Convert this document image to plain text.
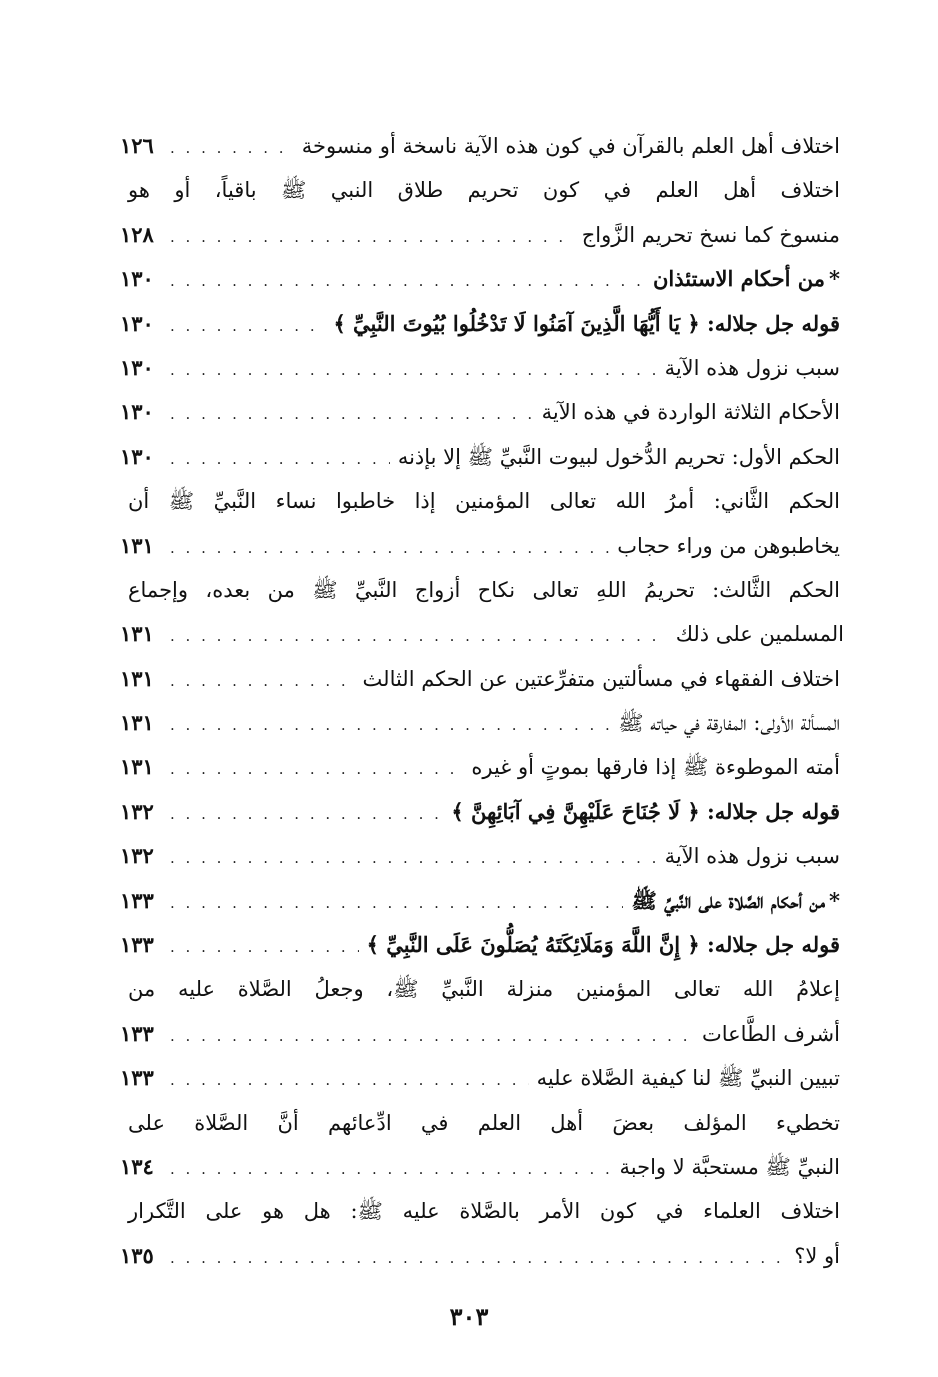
اختلاف أهل العلم بالقرآن في كون هذه الآية ناسخة أو منسوخة
. . .
١٢٦
اختلاف أهل العلم في كون تحريم طلاق النبي ﷺ باقياً، أو هو
منسوخ كما نسخ تحريم الزَّواج
. . .
١٢٨
*
من أحكام الاستئذان
. . .
١٣٠
قوله جل جلاله: ﴿ يَا أَيُّهَا الَّذِينَ آمَنُوا لَا تَدْخُلُوا بُيُوتَ النَّبِيِّ ﴾
. . .
١٣٠
سبب نزول هذه الآية
. . .
١٣٠
الأحكام الثلاثة الواردة في هذه الآية
. . .
١٣٠
الحكم الأول: تحريم الدُّخول لبيوت النَّبيِّ ﷺ إلا بإذنه
. . .
١٣٠
الحكم الثَّاني: أمرُ الله تعالى المؤمنين إذا خاطبوا نساء النَّبيِّ ﷺ أن
يخاطبوهن من وراء حجاب
. . .
١٣١
الحكم الثَّالث: تحريمُ اللهِ تعالى نكاح أزواج النَّبيِّ ﷺ من بعده، وإجماع
المسلمين على ذلك
. . .
١٣١
اختلاف الفقهاء في مسألتين متفرِّعتين عن الحكم الثالث
. . .
١٣١
المسألة الأولى: المفارقة في حياته ﷺ
. . .
١٣١
أمته الموطوءة ﷺ إذا فارقها بموتٍ أو غيره
. . .
١٣١
قوله جل جلاله: ﴿ لَا جُنَاحَ عَلَيْهِنَّ فِي آبَائِهِنَّ ﴾
. . .
١٣٢
سبب نزول هذه الآية
. . .
١٣٢
*
من أحكام الصَّلاة على النَّبيِّ ﷺ
. . .
١٣٣
قوله جل جلاله: ﴿ إِنَّ اللَّهَ وَمَلَائِكَتَهُ يُصَلُّونَ عَلَى النَّبِيِّ ﴾
. . .
١٣٣
إعلامُ الله تعالى المؤمنين منزلة النَّبيِّ ﷺ، وجعلُ الصَّلاة عليه من
أشرف الطَّاعات
. . .
١٣٣
تبيين النبيِّ ﷺ لنا كيفية الصَّلاة عليه
. . .
١٣٣
تخطيء المؤلف بعضَ أهل العلم في ادِّعائهم أنَّ الصَّلاة على
النبيِّ ﷺ مستحبَّة لا واجبة
. . .
١٣٤
اختلاف العلماء في كون الأمر بالصَّلاة عليه ﷺ: هل هو على التَّكرار
أو لا؟
. . .
١٣٥
٣٠٣
